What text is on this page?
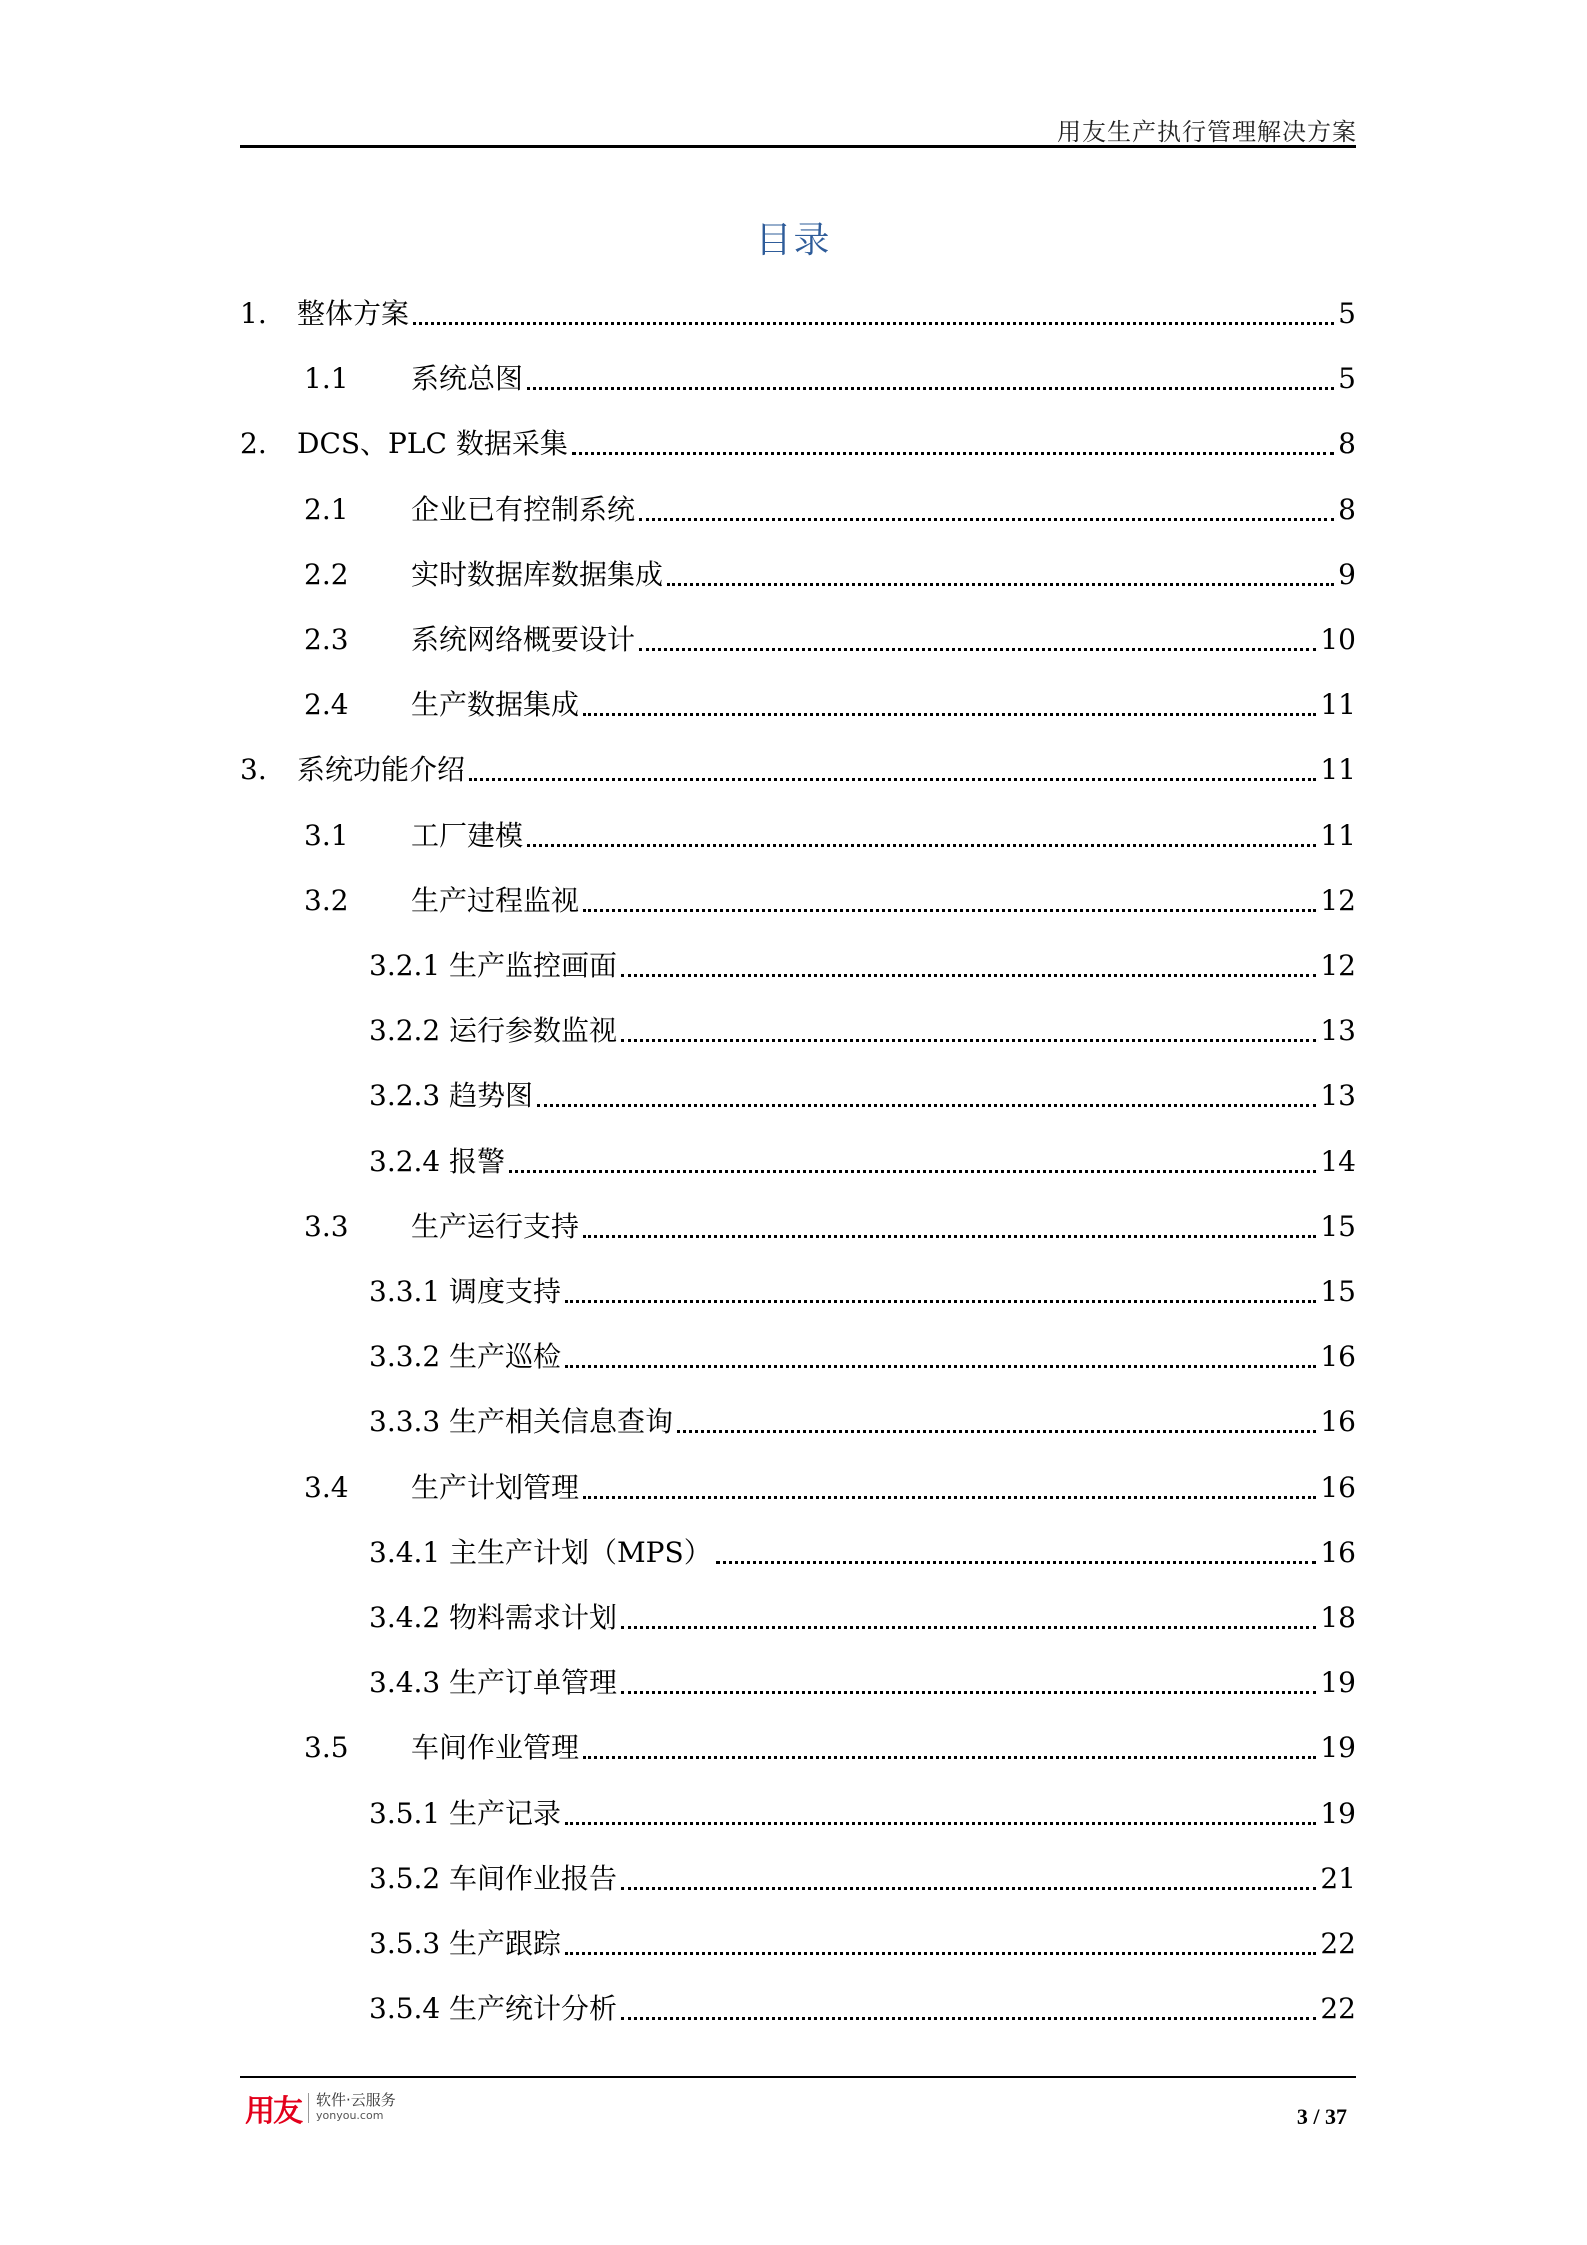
用友生产执行管理解决方案
目录
1.	整体方案	5
1.1	系统总图	5
2.	DCS、PLC 数据采集	8
2.1	企业已有控制系统	8
2.2	实时数据库数据集成	9
2.3	系统网络概要设计	10
2.4	生产数据集成	11
3.	系统功能介绍	11
3.1	工厂建模	11
3.2	生产过程监视	12
3.2.1 生产监控画面	12
3.2.2 运行参数监视	13
3.2.3 趋势图	13
3.2.4 报警	14
3.3	生产运行支持	15
3.3.1 调度支持	15
3.3.2 生产巡检	16
3.3.3 生产相关信息查询	16
3.4	生产计划管理	16
3.4.1 主生产计划（MPS）	16
3.4.2 物料需求计划	18
3.4.3 生产订单管理	19
3.5	车间作业管理	19
3.5.1 生产记录	19
3.5.2 车间作业报告	21
3.5.3 生产跟踪	22
3.5.4 生产统计分析	22
用友 软件·云服务
yonyou.com	3 / 37
